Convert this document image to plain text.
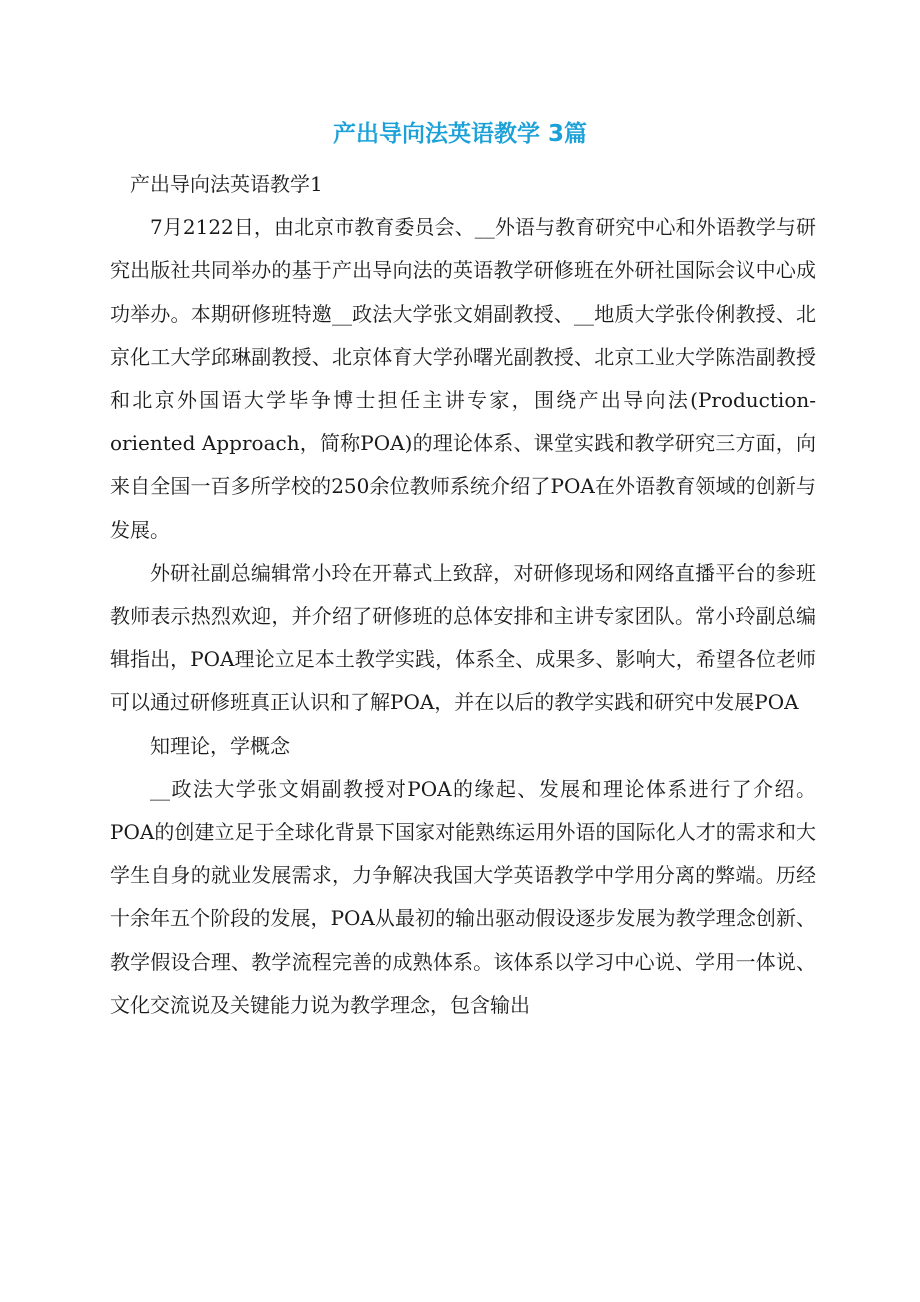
产出导向法英语教学 3篇

产出导向法英语教学1

7月2122日，由北京市教育委员会、__外语与教育研究中心和外语教学与研究出版社共同举办的基于产出导向法的英语教学研修班在外研社国际会议中心成功举办。本期研修班特邀__政法大学张文娟副教授、__地质大学张伶俐教授、北京化工大学邱琳副教授、北京体育大学孙曙光副教授、北京工业大学陈浩副教授和北京外国语大学毕争博士担任主讲专家，围绕产出导向法(Production-oriented Approach，简称POA)的理论体系、课堂实践和教学研究三方面，向来自全国一百多所学校的250余位教师系统介绍了POA在外语教育领域的创新与发展。

外研社副总编辑常小玲在开幕式上致辞，对研修现场和网络直播平台的参班教师表示热烈欢迎，并介绍了研修班的总体安排和主讲专家团队。常小玲副总编辑指出，POA理论立足本土教学实践，体系全、成果多、影响大，希望各位老师可以通过研修班真正认识和了解POA，并在以后的教学实践和研究中发展POA

知理论，学概念

__政法大学张文娟副教授对POA的缘起、发展和理论体系进行了介绍。POA的创建立足于全球化背景下国家对能熟练运用外语的国际化人才的需求和大学生自身的就业发展需求，力争解决我国大学英语教学中学用分离的弊端。历经十余年五个阶段的发展，POA从最初的输出驱动假设逐步发展为教学理念创新、教学假设合理、教学流程完善的成熟体系。该体系以学习中心说、学用一体说、文化交流说及关键能力说为教学理念，包含输出
